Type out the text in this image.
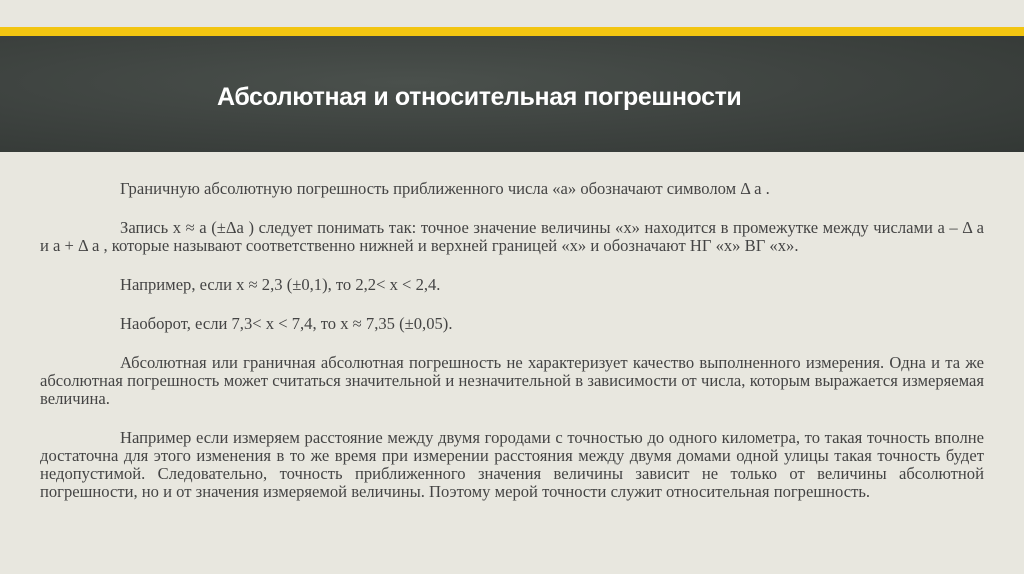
Абсолютная и относительная погрешности

Граничную абсолютную погрешность приближенного числа «а» обозначают символом Δ а .

Запись х ≈ а (±Δа ) следует понимать так: точное значение величины «х» находится в промежутке между числами а – Δ а и а + Δ а , которые называют соответственно нижней и верхней границей «х» и обозначают НГ «х» ВГ «х».

Например, если х ≈ 2,3 (±0,1), то 2,2< х < 2,4.

Наоборот, если 7,3< х < 7,4, то х ≈ 7,35 (±0,05).

Абсолютная или граничная абсолютная погрешность не характеризует качество выполненного измерения. Одна и та же абсолютная погрешность может считаться значительной и незначительной в зависимости от числа, которым выражается измеряемая величина.

Например если измеряем расстояние между двумя городами с точностью до одного километра, то такая точность вполне достаточна для этого изменения в то же время при измерении расстояния между двумя домами одной улицы такая точность будет недопустимой. Следовательно, точность приближенного значения величины зависит не только от величины абсолютной погрешности, но и от значения измеряемой величины. Поэтому мерой точности служит относительная погрешность.
